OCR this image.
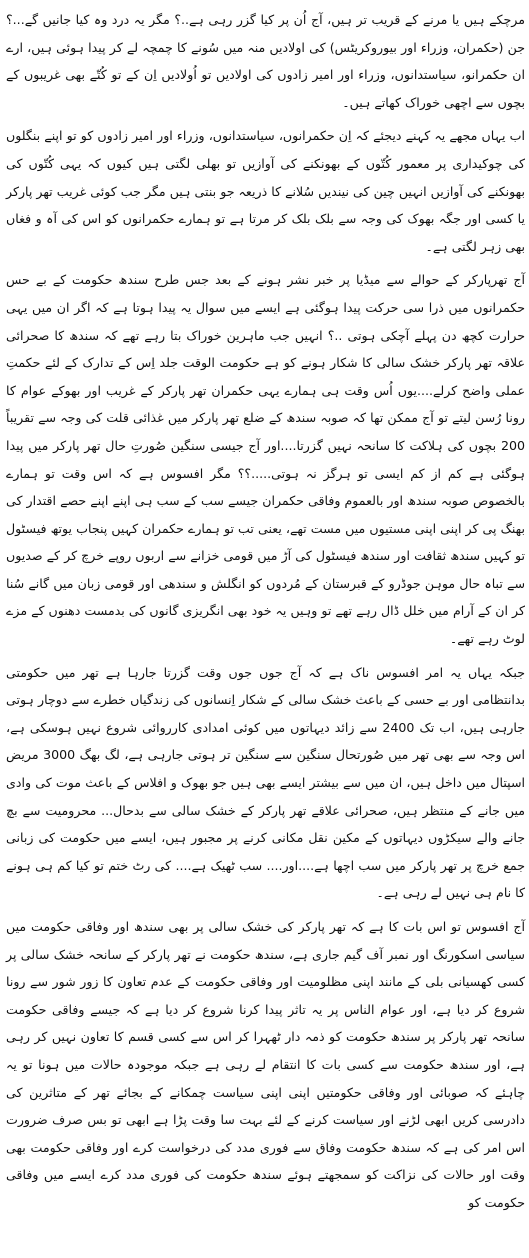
مرچکے ہیں یا مرنے کے قریب تر ہیں، آج اُن پر کیا گزر رہی ہے..؟ مگر یہ درد وہ کیا جانیں گے...؟ جن (حکمران، وزراء اور بیوروکریٹس) کی اولادیں منہ میں سُونے کا چمچہ لے کر پیدا ہوئی ہیں، ارے ان حکمرانو، سیاستدانوں، وزراء اور امیر زادوں کی اولادیں تو اُولادیں اِن کے تو کُتّے بھی غریبوں کے بچوں سے اچھی خوراک کھاتے ہیں۔

اب یہاں مجھے یہ کہنے دیجئے کہ اِن حکمرانوں، سیاستدانوں، وزراء اور امیر زادوں کو تو اپنے بنگلوں کی چوکیداری پر معمور کُتّوں کے بھونکنے کی آوازیں تو بھلی لگتی ہیں کیوں کہ یہی کُتّوں کی بھونکنے کی آوازیں انہیں چین کی نیندیں سُلانے کا ذریعہ جو بنتی ہیں مگر جب کوئی غریب تھر پارکر یا کسی اور جگہ بھوک کی وجہ سے بلک بلک کر مرتا ہے تو ہمارے حکمرانوں کو اس کی آہ و فغاں بھی زہر لگتی ہے۔

آج تھرپارکر کے حوالے سے میڈیا پر خبر نشر ہونے کے بعد جس طرح سندھ حکومت کے بے حس حکمرانوں میں ذرا سی حرکت پیدا ہوگئی ہے ایسے میں سوال یہ پیدا ہوتا ہے کہ اگر ان میں یہی حرارت کچھ دن پہلے آچکی ہوتی ..؟ انہیں جب ماہرین خوراک بتا رہے تھے کہ سندھ کا صحرائی علاقہ تھر پارکر خشک سالی کا شکار ہونے کو ہے حکومت الوقت جلد اِس کے تدارک کے لئے حکمتِ عملی واضح کرلے....یوں اُس وقت ہی ہمارے یہی حکمران تھر پارکر کے غریب اور بھوکے عوام کا رونا رُسن لیتے تو آج ممکن تھا کہ صوبہ سندھ کے ضلع تھر پارکر میں غذائی قلت کی وجہ سے تقریباً 200 بچوں کی ہلاکت کا سانحہ نہیں گزرتا....اور آج جیسی سنگین صُورتِ حال تھر پارکر میں پیدا ہوگئی ہے کم از کم ایسی تو ہرگز نہ ہوتی.....؟؟ مگر افسوس ہے کہ اس وقت تو ہمارے بالخصوص صوبہ سندھ اور بالعموم وفاقی حکمران جیسے سب کے سب ہی اپنے اپنے حصے اقتدار کی بھنگ پی کر اپنی اپنی مستیوں میں مست تھے، یعنی تب تو ہمارے حکمران کہیں پنجاب یوتھ فیسٹول تو کہیں سندھ ثقافت اور سندھ فیسٹول کی آڑ میں قومی خزانے سے اربوں روپے خرچ کر کے صدیوں سے تباہ حال موہن جوڈرو کے قبرستان کے مُردوں کو انگلش و سندھی اور قومی زبان میں گانے سُنا کر ان کے آرام میں خلل ڈال رہے تھے تو وہیں یہ خود بھی انگریزی گانوں کی بدمست دھنوں کے مزے لوٹ رہے تھے۔

جبکہ یہاں یہ امر افسوس ناک ہے کہ آج جوں جوں وقت گزرتا جارہا ہے تھر میں حکومتی بدانتظامی اور بے حسی کے باعث خشک سالی کے شکار اِنسانوں کی زندگیاں خطرے سے دوچار ہوتی جارہی ہیں، اب تک 2400 سے زائد دیہاتوں میں کوئی امدادی کارروائی شروع نہیں ہوسکی ہے، اس وجہ سے بھی تھر میں صُورتحال سنگین سے سنگین تر ہوتی جارہی ہے، لگ بھگ 3000 مریض اسپتال میں داخل ہیں، ان میں سے بیشتر ایسے بھی ہیں جو بھوک و افلاس کے باعث موت کی وادی میں جانے کے منتظر ہیں، صحرائی علاقے تھر پارکر کے خشک سالی سے بدحال... محرومیت سے بچ جانے والے سیکڑوں دیہاتوں کے مکین نقل مکانی کرنے پر مجبور ہیں، ایسے میں حکومت کی زبانی جمع خرچ پر تھر پارکر میں سب اچھا ہے....اور.... سب ٹھیک ہے.... کی رٹ ختم تو کیا کم ہی ہونے کا نام ہی نہیں لے رہی ہے۔

آج افسوس تو اس بات کا ہے کہ تھر پارکر کی خشک سالی پر بھی سندھ اور وفاقی حکومت میں سیاسی اسکورنگ اور نمبر آف گیم جاری ہے، سندھ حکومت نے تھر پارکر کے سانحہ خشک سالی پر کسی کھسیانی بلی کے مانند اپنی مظلومیت اور وفاقی حکومت کے عدم تعاون کا زور شور سے رونا شروع کر دیا ہے، اور عوام الناس پر یہ تاثر پیدا کرنا شروع کر دیا ہے کہ جیسے وفاقی حکومت سانحہ تھر پارکر پر سندھ حکومت کو ذمہ دار ٹھہرا کر اس سے کسی قسم کا تعاون نہیں کر رہی ہے، اور سندھ حکومت سے کسی بات کا انتقام لے رہی ہے جبکہ موجودہ حالات میں ہونا تو یہ چاہئے کہ صوبائی اور وفاقی حکومتیں اپنی اپنی سیاست چمکانے کے بجائے تھر کے متاثرین کی دادرسی کریں ابھی لڑنے اور سیاست کرنے کے لئے بہت سا وقت پڑا ہے ابھی تو بس صرف ضرورت اس امر کی ہے کہ سندھ حکومت وفاق سے فوری مدد کی درخواست کرے اور وفاقی حکومت بھی وقت اور حالات کی نزاکت کو سمجھتے ہوئے سندھ حکومت کی فوری مدد کرے ایسے میں وفاقی حکومت کو
